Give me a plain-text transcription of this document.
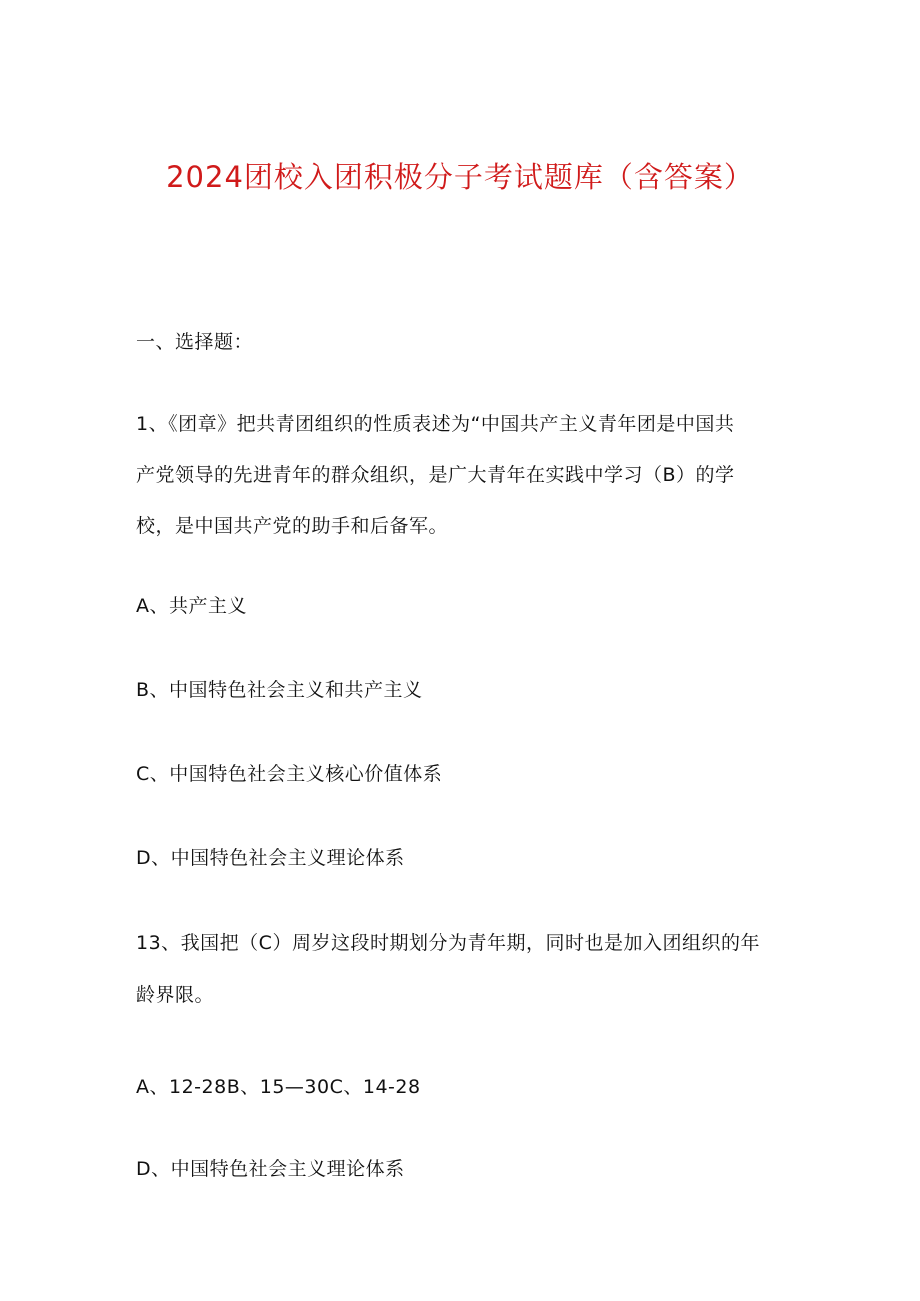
2024团校入团积极分子考试题库（含答案）
一、选择题：
1、《团章》把共青团组织的性质表述为“中国共产主义青年团是中国共
产党领导的先进青年的群众组织，是广大青年在实践中学习（B）的学
校，是中国共产党的助手和后备军。
A、共产主义
B、中国特色社会主义和共产主义
C、中国特色社会主义核心价值体系
D、中国特色社会主义理论体系
13、我国把（C）周岁这段时期划分为青年期，同时也是加入团组织的年
龄界限。
A、12-28B、15—30C、14-28
D、中国特色社会主义理论体系
